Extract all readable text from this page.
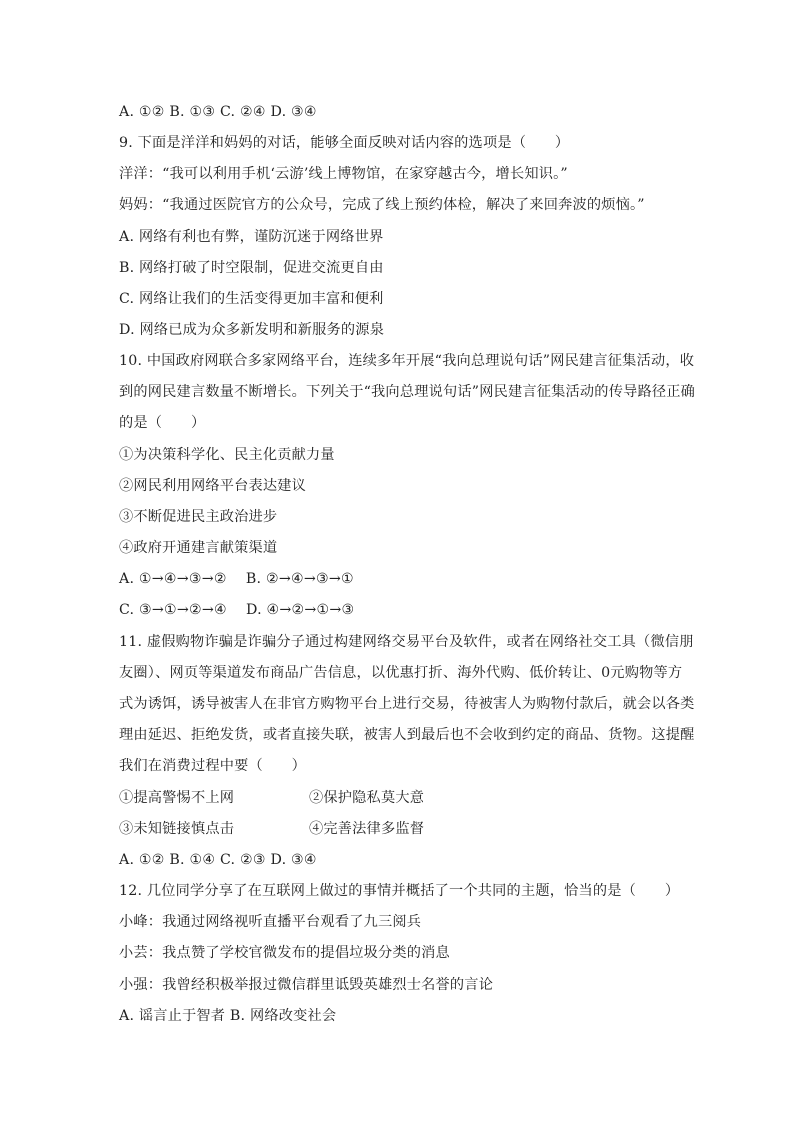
A. ①② B. ①③ C. ②④ D. ③④
9. 下面是洋洋和妈妈的对话，能够全面反映对话内容的选项是（　　）
洋洋：“我可以利用手机‘云游’线上博物馆，在家穿越古今，增长知识。”
妈妈：“我通过医院官方的公众号，完成了线上预约体检，解决了来回奔波的烦恼。”
A. 网络有利也有弊，谨防沉迷于网络世界
B. 网络打破了时空限制，促进交流更自由
C. 网络让我们的生活变得更加丰富和便利
D. 网络已成为众多新发明和新服务的源泉
10. 中国政府网联合多家网络平台，连续多年开展“我向总理说句话”网民建言征集活动，收
到的网民建言数量不断增长。下列关于“我向总理说句话”网民建言征集活动的传导路径正确
的是（　　）
①为决策科学化、民主化贡献力量
②网民利用网络平台表达建议
③不断促进民主政治进步
④政府开通建言献策渠道
A. ①→④→③→②　 B. ②→④→③→①
C. ③→①→②→④　 D. ④→②→①→③
11. 虚假购物诈骗是诈骗分子通过构建网络交易平台及软件，或者在网络社交工具（微信朋
友圈）、网页等渠道发布商品广告信息，以优惠打折、海外代购、低价转让、0元购物等方
式为诱饵，诱导被害人在非官方购物平台上进行交易，待被害人为购物付款后，就会以各类
理由延迟、拒绝发货，或者直接失联，被害人到最后也不会收到约定的商品、货物。这提醒
我们在消费过程中要（　　）
①提高警惕不上网	②保护隐私莫大意
③未知链接慎点击	④完善法律多监督
A. ①② B. ①④ C. ②③ D. ③④
12. 几位同学分享了在互联网上做过的事情并概括了一个共同的主题，恰当的是（　　）
小峰：我通过网络视听直播平台观看了九三阅兵
小芸：我点赞了学校官微发布的提倡垃圾分类的消息
小强：我曾经积极举报过微信群里诋毁英雄烈士名誉的言论
A. 谣言止于智者 B. 网络改变社会
